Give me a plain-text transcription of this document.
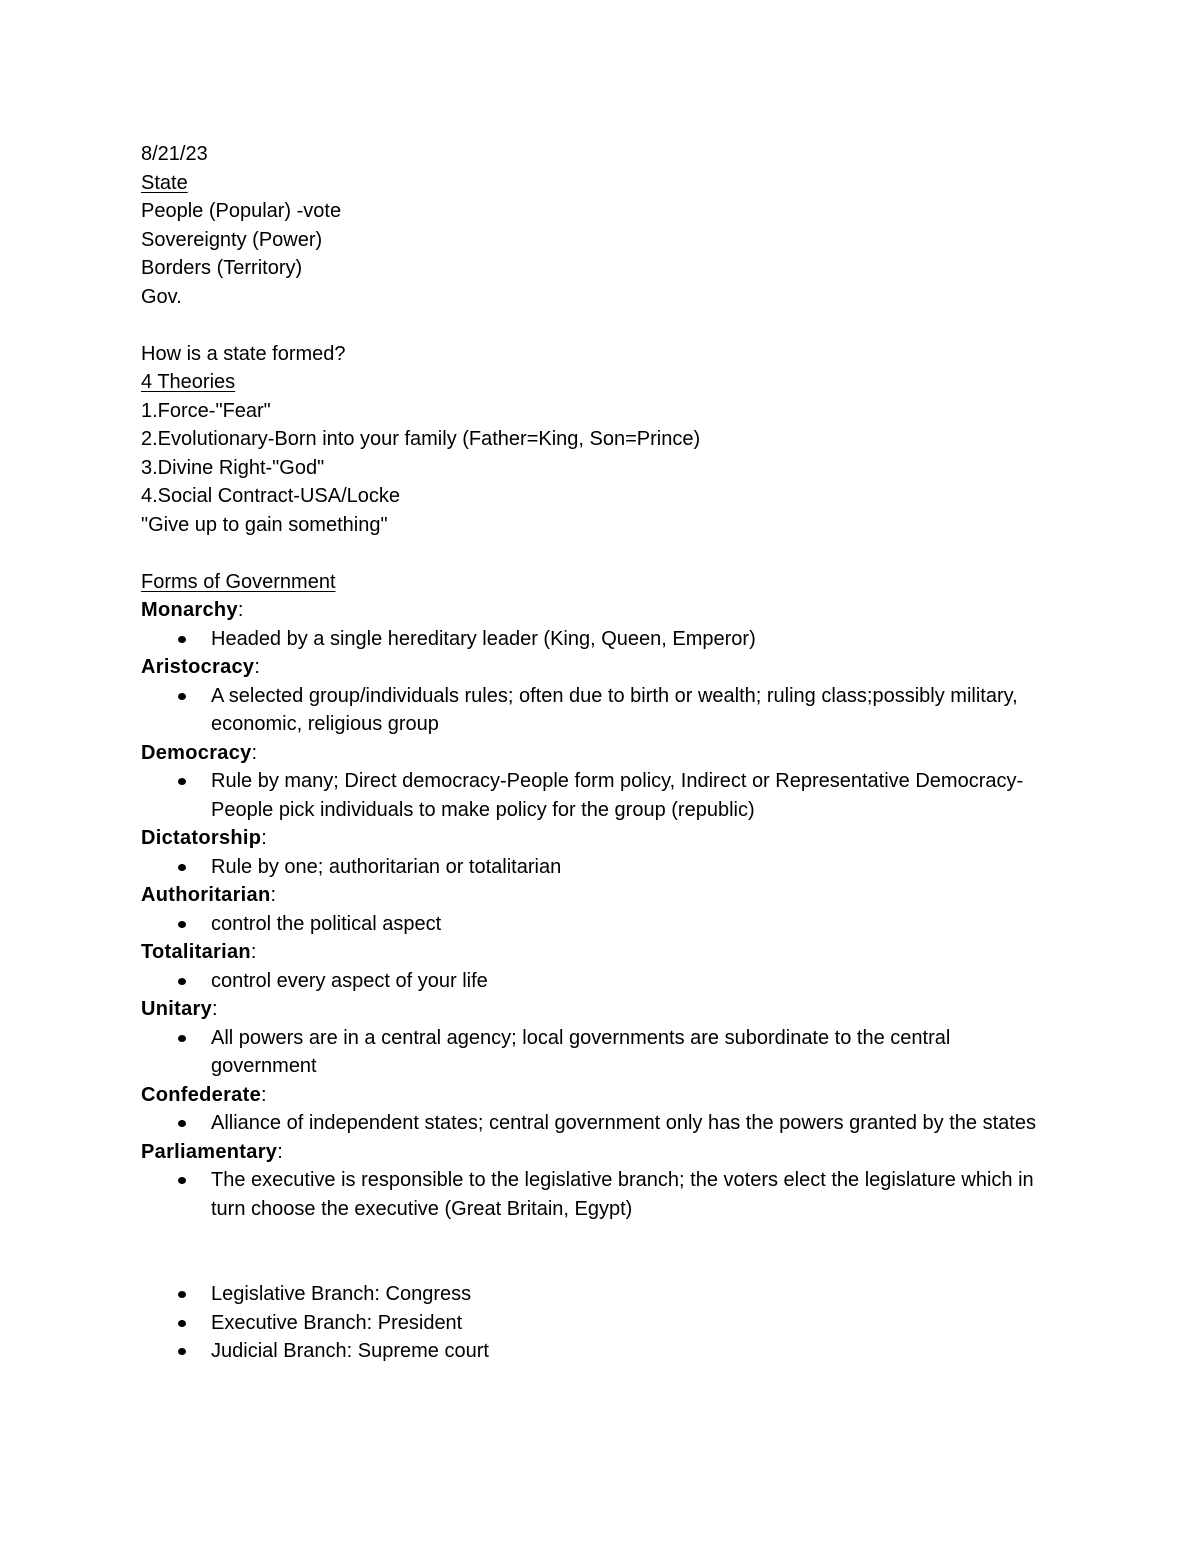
8/21/23
State
People (Popular) -vote
Sovereignty (Power)
Borders (Territory)
Gov.
How is a state formed?
4 Theories
1.Force-"Fear"
2.Evolutionary-Born into your family (Father=King, Son=Prince)
3.Divine Right-"God"
4.Social Contract-USA/Locke
"Give up to gain something"
Forms of Government
Monarchy:
Headed by a single hereditary leader (King, Queen, Emperor)
Aristocracy:
A selected group/individuals rules; often due to birth or wealth; ruling class;possibly military, economic, religious group
Democracy:
Rule by many; Direct democracy-People form policy, Indirect or Representative Democracy-People pick individuals to make policy for the group (republic)
Dictatorship:
Rule by one; authoritarian or totalitarian
Authoritarian:
control the political aspect
Totalitarian:
control every aspect of your life
Unitary:
All powers are in a central agency; local governments are subordinate to the central government
Confederate:
Alliance of independent states; central government only has the powers granted by the states
Parliamentary:
The executive is responsible to the legislative branch; the voters elect the legislature which in turn choose the executive (Great Britain, Egypt)
Legislative Branch: Congress
Executive Branch: President
Judicial Branch: Supreme court
